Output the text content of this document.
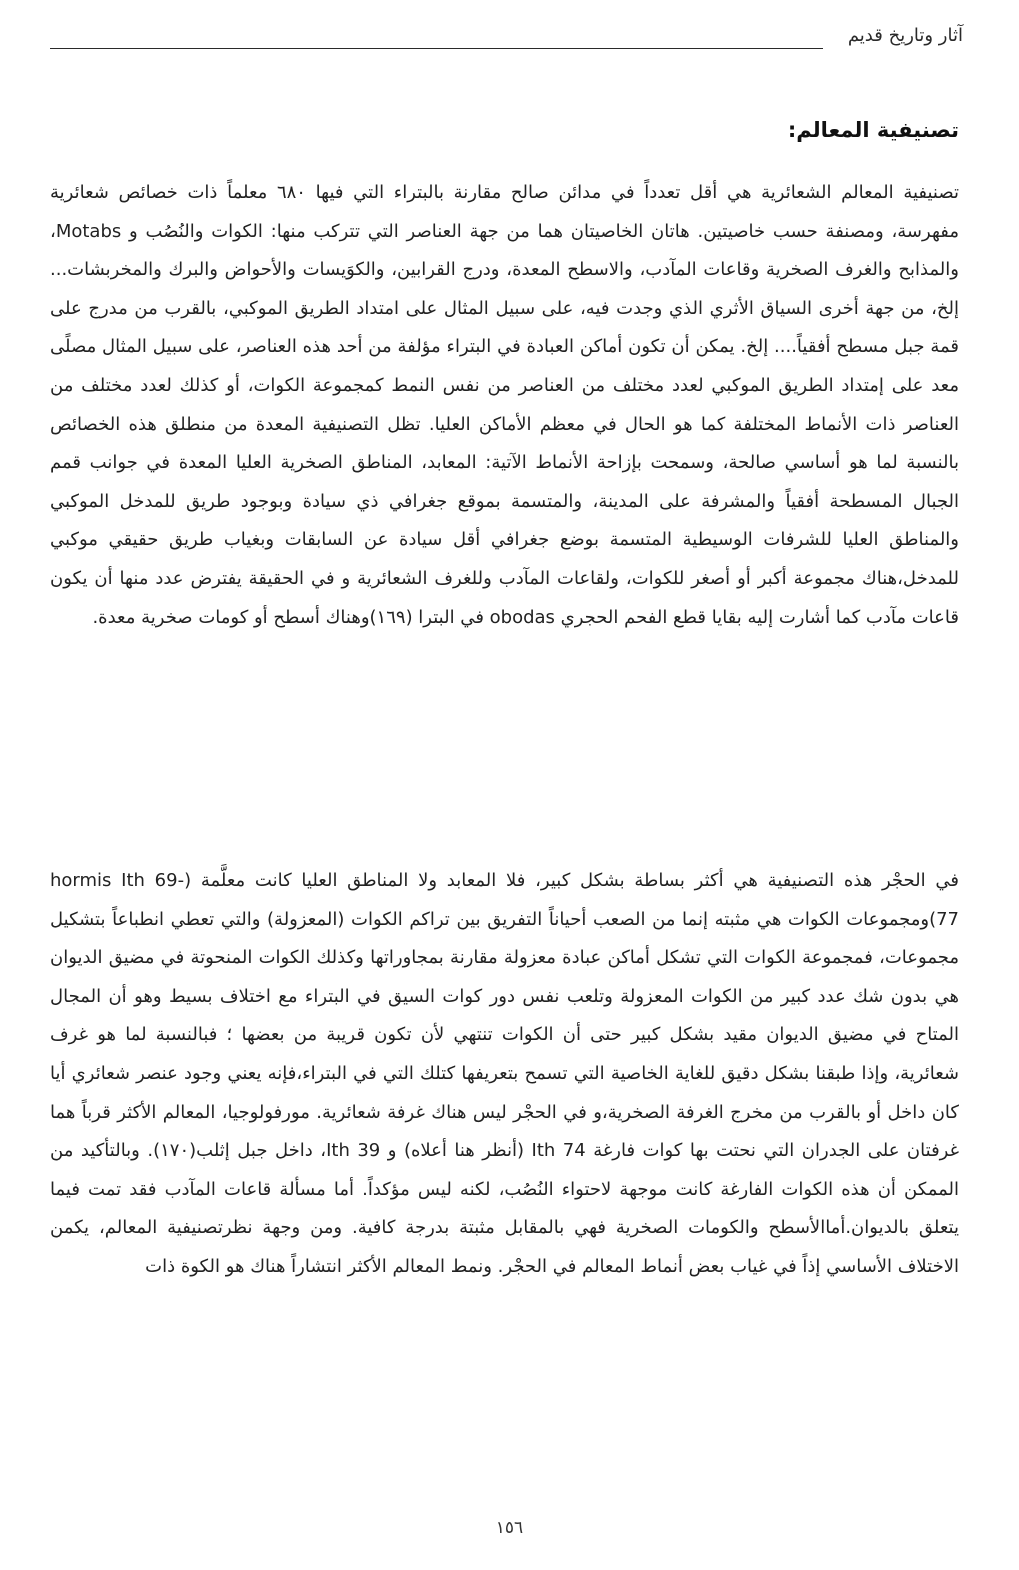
آثار وتاريخ قديم
تصنيفية المعالم:

تصنيفية المعالم الشعائرية هي أقل تعدداً في مدائن صالح مقارنة بالبتراء التي فيها ٦٨٠ معلماً ذات خصائص شعائرية مفهرسة، ومصنفة حسب خاصيتين. هاتان الخاصيتان هما من جهة العناصر التي تتركب منها: الكوات والنُصُب و Motabs، والمذابح والغرف الصخرية وقاعات المآدب، والاسطح المعدة، ودرج القرابين، والكوَيسات والأحواض والبرك والمخربشات... إلخ، من جهة أخرى السياق الأثري الذي وجدت فيه، على سبيل المثال على امتداد الطريق الموكبي، بالقرب من مدرج على قمة جبل مسطح أفقياً.... إلخ. يمكن أن تكون أماكن العبادة في البتراء مؤلفة من أحد هذه العناصر، على سبيل المثال مصلًى معد على إمتداد الطريق الموكبي لعدد مختلف من العناصر من نفس النمط كمجموعة الكوات، أو كذلك لعدد مختلف من العناصر ذات الأنماط المختلفة كما هو الحال في معظم الأماكن العليا. تظل التصنيفية المعدة من منطلق هذه الخصائص بالنسبة لما هو أساسي صالحة، وسمحت بإزاحة الأنماط الآتية: المعابد، المناطق الصخرية العليا المعدة في جوانب قمم الجبال المسطحة أفقياً والمشرفة على المدينة، والمتسمة بموقع جغرافي ذي سيادة وبوجود طريق للمدخل الموكبي والمناطق العليا للشرفات الوسيطية المتسمة بوضع جغرافي أقل سيادة عن السابقات وبغياب طريق حقيقي موكبي للمدخل،هناك مجموعة أكبر أو أصغر للكوات، ولقاعات المآدب وللغرف الشعائرية و في الحقيقة يفترض عدد منها أن يكون قاعات مآدب كما أشارت إليه بقايا قطع الفحم الحجري obodas في البترا (١٦٩)وهناك أسطح أو كومات صخرية معدة.

في الحجْر هذه التصنيفية هي أكثر بساطة بشكل كبير، فلا المعابد ولا المناطق العليا كانت معلَّمة (hormis Ith 69-77)ومجموعات الكوات هي مثبته إنما من الصعب أحياناً التفريق بين تراكم الكوات (المعزولة) والتي تعطي انطباعاً بتشكيل مجموعات، فمجموعة الكوات التي تشكل أماكن عبادة معزولة مقارنة بمجاوراتها وكذلك الكوات المنحوتة في مضيق الديوان هي بدون شك عدد كبير من الكوات المعزولة وتلعب نفس دور كوات السيق في البتراء مع اختلاف بسيط وهو أن المجال المتاح في مضيق الديوان مقيد بشكل كبير حتى أن الكوات تنتهي لأن تكون قريبة من بعضها ؛ فبالنسبة لما هو غرف شعائرية، وإذا طبقنا بشكل دقيق للغاية الخاصية التي تسمح بتعريفها كتلك التي في البتراء،فإنه يعني وجود عنصر شعائري أيا كان داخل أو بالقرب من مخرج الغرفة الصخرية،و في الحجْر ليس هناك غرفة شعائرية. مورفولوجيا، المعالم الأكثر قرباً هما غرفتان على الجدران التي نحتت بها كوات فارغة Ith 74 (أنظر هنا أعلاه) و Ith 39، داخل جبل إثلب(١٧٠). وبالتأكيد من الممكن أن هذه الكوات الفارغة كانت موجهة لاحتواء النُصُب، لكنه ليس مؤكداً. أما مسألة قاعات المآدب فقد تمت فيما يتعلق بالديوان.أماالأسطح والكومات الصخرية فهي بالمقابل مثبتة بدرجة كافية. ومن وجهة نظرتصنيفية المعالم، يكمن الاختلاف الأساسي إذاً في غياب بعض أنماط المعالم في الحجْر. ونمط المعالم الأكثر انتشاراً هناك هو الكوة ذات

١٥٦
